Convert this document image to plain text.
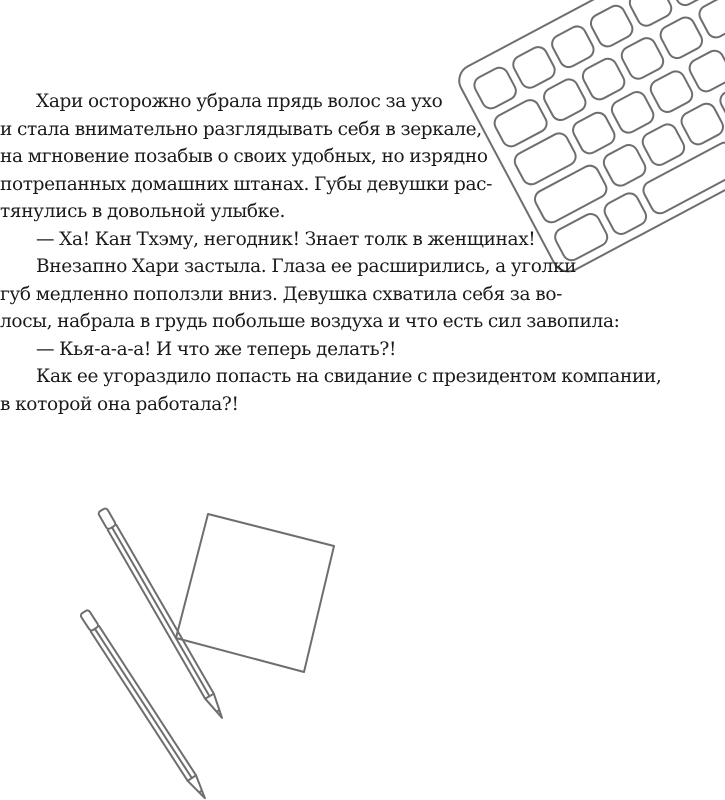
Хари осторожно убрала прядь волос за ухо
и стала внимательно разглядывать себя в зеркале,
на мгновение позабыв о своих удобных, но изрядно
потрепанных домашних штанах. Губы девушки рас-
тянулись в довольной улыбке.
— Ха! Кан Тхэму, негодник! Знает толк в женщинах!
Внезапно Хари застыла. Глаза ее расширились, а уголки
губ медленно поползли вниз. Девушка схватила себя за во-
лосы, набрала в грудь побольше воздуха и что есть сил завопила:
— Кья-а-а-а! И что же теперь делать?!
Как ее угораздило попасть на свидание с президентом компании,
в которой она работала?!
